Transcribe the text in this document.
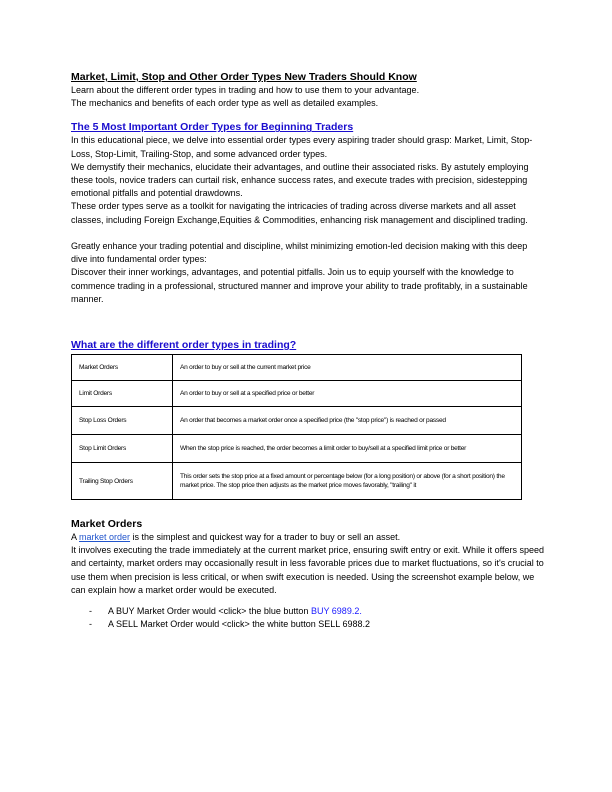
Market, Limit, Stop and Other Order Types New Traders Should Know

Learn about the different order types in trading and how to use them to your advantage.

The mechanics and benefits of each order type as well as detailed examples.

The 5 Most Important Order Types for Beginning Traders

In this educational piece, we delve into essential order types every aspiring trader should grasp: Market, Limit, Stop-Loss, Stop-Limit, Trailing-Stop, and some advanced order types.

We demystify their mechanics, elucidate their advantages, and outline their associated risks. By astutely employing these tools, novice traders can curtail risk, enhance success rates, and execute trades with precision, sidestepping emotional pitfalls and potential drawdowns.

These order types serve as a toolkit for navigating the intricacies of trading across diverse markets and all asset classes, including Foreign Exchange,Equities & Commodities, enhancing risk management and disciplined trading.

Greatly enhance your trading potential and discipline, whilst minimizing emotion-led decision making with this deep dive into fundamental order types:

Discover their inner workings, advantages, and potential pitfalls. Join us to equip yourself with the knowledge to commence trading in a professional, structured manner and improve your ability to trade profitably, in a sustainable manner.

What are the different order types in trading?
Market Orders	An order to buy or sell at the current market price
Limit Orders	An order to buy or sell at a specified price or better
Stop Loss Orders	An order that becomes a market order once a specified price (the "stop price") is reached or passed
Stop Limit Orders	When the stop price is reached, the order becomes a limit order to buy/sell at a specified limit price or better
Trailing Stop Orders	This order sets the stop price at a fixed amount or percentage below (for a long position) or above (for a short position) the market price. The stop price then adjusts as the market price moves favorably, "trailing" it
Market Orders

A market order is the simplest and quickest way for a trader to buy or sell an asset.

It involves executing the trade immediately at the current market price, ensuring swift entry or exit. While it offers speed and certainty, market orders may occasionally result in less favorable prices due to market fluctuations, so it's crucial to use them when precision is less critical, or when swift execution is needed. Using the screenshot example below, we can explain how a market order would be executed.

- A BUY Market Order would <click> the blue button BUY 6989.2.
- A SELL Market Order would <click> the white button SELL 6988.2
